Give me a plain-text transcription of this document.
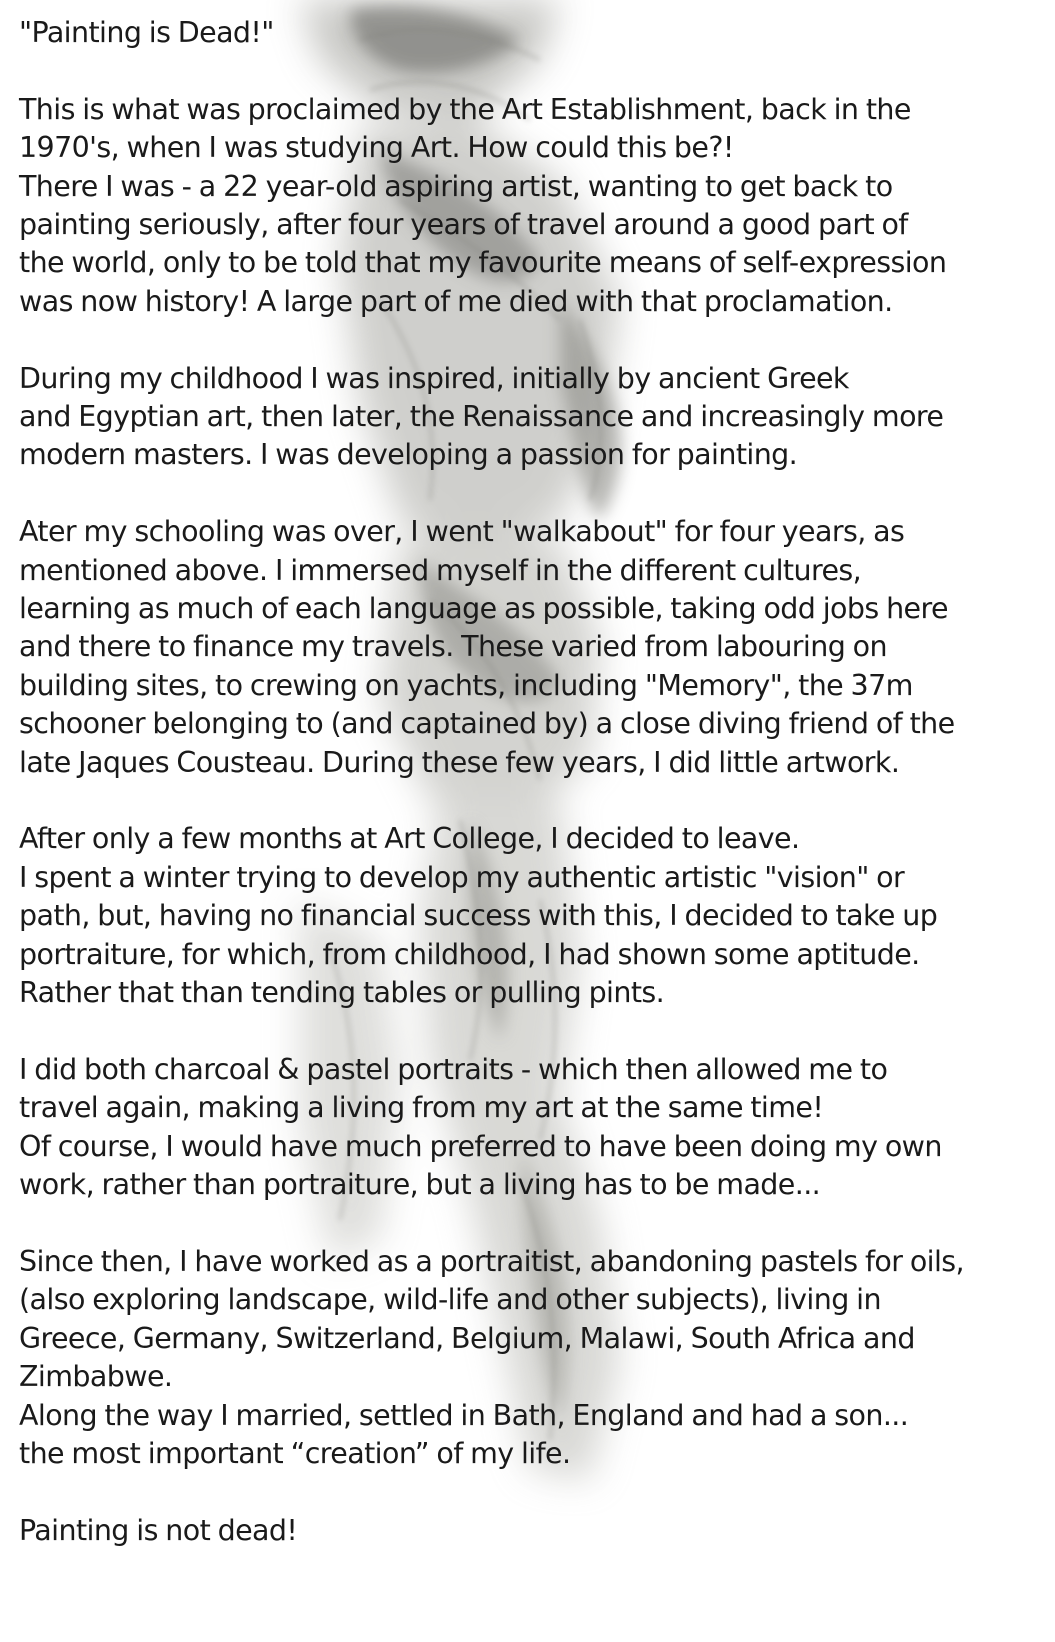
"Painting is Dead!"

This is what was proclaimed by the Art Establishment, back in the
1970's, when I was studying Art. How could this be?!
There I was - a 22 year-old aspiring artist, wanting to get back to
painting seriously, after four years of travel around a good part of
the world, only to be told that my favourite means of self-expression
was now history! A large part of me died with that proclamation.

During my childhood I was inspired, initially by ancient Greek
and Egyptian art, then later, the Renaissance and increasingly more
modern masters. I was developing a passion for painting.

Ater my schooling was over, I went "walkabout" for four years, as
mentioned above. I immersed myself in the different cultures,
learning as much of each language as possible, taking odd jobs here
and there to finance my travels. These varied from labouring on
building sites, to crewing on yachts, including "Memory", the 37m
schooner belonging to (and captained by) a close diving friend of the
late Jaques Cousteau. During these few years, I did little artwork.

After only a few months at Art College, I decided to leave.
I spent a winter trying to develop my authentic artistic "vision" or
path, but, having no financial success with this, I decided to take up
portraiture, for which, from childhood, I had shown some aptitude.
Rather that than tending tables or pulling pints.

I did both charcoal & pastel portraits - which then allowed me to
travel again, making a living from my art at the same time!
Of course, I would have much preferred to have been doing my own
work, rather than portraiture, but a living has to be made...

Since then, I have worked as a portraitist, abandoning pastels for oils,
(also exploring landscape, wild-life and other subjects), living in
Greece, Germany, Switzerland, Belgium, Malawi, South Africa and
Zimbabwe.
Along the way I married, settled in Bath, England and had a son...
the most important “creation” of my life.

Painting is not dead!
